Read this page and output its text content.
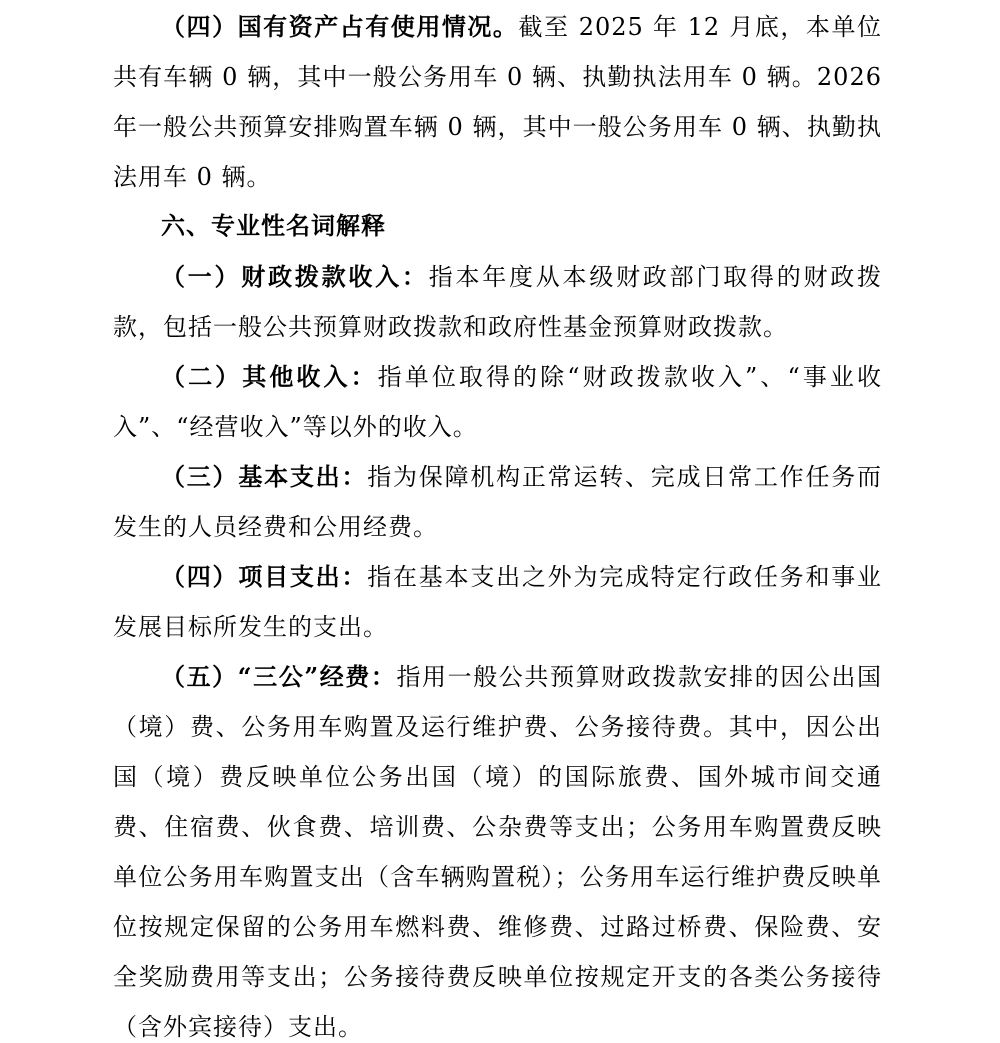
（四）国有资产占有使用情况。截至 2025 年 12 月底，本单位共有车辆 0 辆，其中一般公务用车 0 辆、执勤执法用车 0 辆。2026 年一般公共预算安排购置车辆 0 辆，其中一般公务用车 0 辆、执勤执法用车 0 辆。

六、专业性名词解释

（一）财政拨款收入：指本年度从本级财政部门取得的财政拨款，包括一般公共预算财政拨款和政府性基金预算财政拨款。

（二）其他收入：指单位取得的除“财政拨款收入”、“事业收入”、“经营收入”等以外的收入。

（三）基本支出：指为保障机构正常运转、完成日常工作任务而发生的人员经费和公用经费。

（四）项目支出：指在基本支出之外为完成特定行政任务和事业发展目标所发生的支出。

（五）“三公”经费：指用一般公共预算财政拨款安排的因公出国（境）费、公务用车购置及运行维护费、公务接待费。其中，因公出国（境）费反映单位公务出国（境）的国际旅费、国外城市间交通费、住宿费、伙食费、培训费、公杂费等支出；公务用车购置费反映单位公务用车购置支出（含车辆购置税）；公务用车运行维护费反映单位按规定保留的公务用车燃料费、维修费、过路过桥费、保险费、安全奖励费用等支出；公务接待费反映单位按规定开支的各类公务接待（含外宾接待）支出。
